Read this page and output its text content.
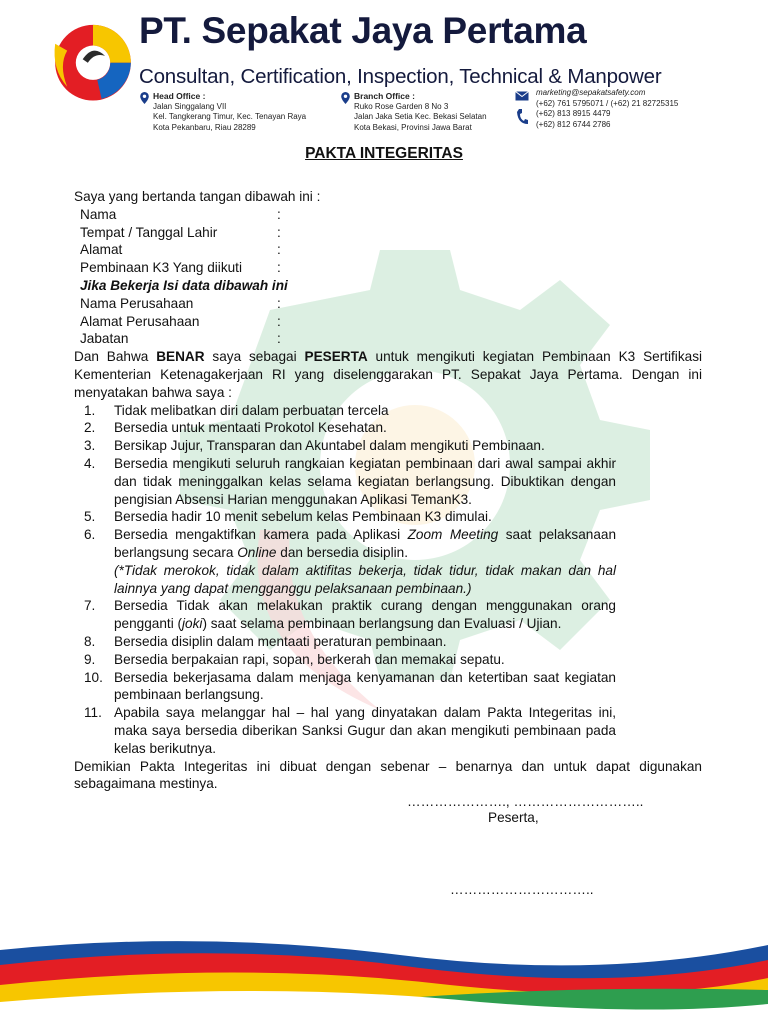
PT. Sepakat Jaya Pertama
Consultan, Certification, Inspection, Technical & Manpower
Head Office :
Jalan Singgalang VII
Kel. Tangkerang Timur, Kec. Tenayan Raya
Kota Pekanbaru, Riau 28289
Branch Office :
Ruko Rose Garden 8 No 3
Jalan Jaka Setia Kec. Bekasi Selatan
Kota Bekasi, Provinsi Jawa Barat
marketing@sepakatsafety.com
(+62) 761 5795071 / (+62) 21 82725315
(+62) 813 8915 4479
(+62) 812 6744 2786
PAKTA INTEGERITAS

Saya yang bertanda tangan dibawah ini :

Nama	:
Tempat / Tanggal Lahir	:
Alamat	:
Pembinaan K3 Yang diikuti	:
Jika Bekerja Isi data dibawah ini
Nama Perusahaan	:
Alamat Perusahaan	:
Jabatan	:

Dan Bahwa BENAR saya sebagai PESERTA untuk mengikuti kegiatan Pembinaan K3 Sertifikasi Kementerian Ketenagakerjaan RI yang diselenggarakan PT. Sepakat Jaya Pertama. Dengan ini menyatakan bahwa saya :

1.	Tidak melibatkan diri dalam perbuatan tercela
2.	Bersedia untuk mentaati Prokotol Kesehatan.
3.	Bersikap Jujur, Transparan dan Akuntabel dalam mengikuti Pembinaan.
4.	Bersedia mengikuti seluruh rangkaian kegiatan pembinaan dari awal sampai akhir dan tidak meninggalkan kelas selama kegiatan berlangsung. Dibuktikan dengan pengisian Absensi Harian menggunakan Aplikasi TemanK3.
5.	Bersedia hadir 10 menit sebelum kelas Pembinaan K3 dimulai.
6.	Bersedia mengaktifkan kamera pada Aplikasi Zoom Meeting saat pelaksanaan berlangsung secara Online dan bersedia disiplin.
(*Tidak merokok, tidak dalam aktifitas bekerja, tidak tidur, tidak makan dan hal lainnya yang dapat mengganggu pelaksanaan pembinaan.)
7.	Bersedia Tidak akan melakukan praktik curang dengan menggunakan orang pengganti (joki) saat selama pembinaan berlangsung dan Evaluasi / Ujian.
8.	Bersedia disiplin dalam mentaati peraturan pembinaan.
9.	Bersedia berpakaian rapi, sopan, berkerah dan memakai sepatu.
10. Bersedia bekerjasama dalam menjaga kenyamanan dan ketertiban saat kegiatan pembinaan berlangsung.
11. Apabila saya melanggar hal – hal yang dinyatakan dalam Pakta Integeritas ini, maka saya bersedia diberikan Sanksi Gugur dan akan mengikuti pembinaan pada kelas berikutnya.

Demikian Pakta Integeritas ini dibuat dengan sebenar – benarnya dan untuk dapat digunakan sebagaimana mestinya.

…………………., ………………………..
Peserta,
…………………………..
